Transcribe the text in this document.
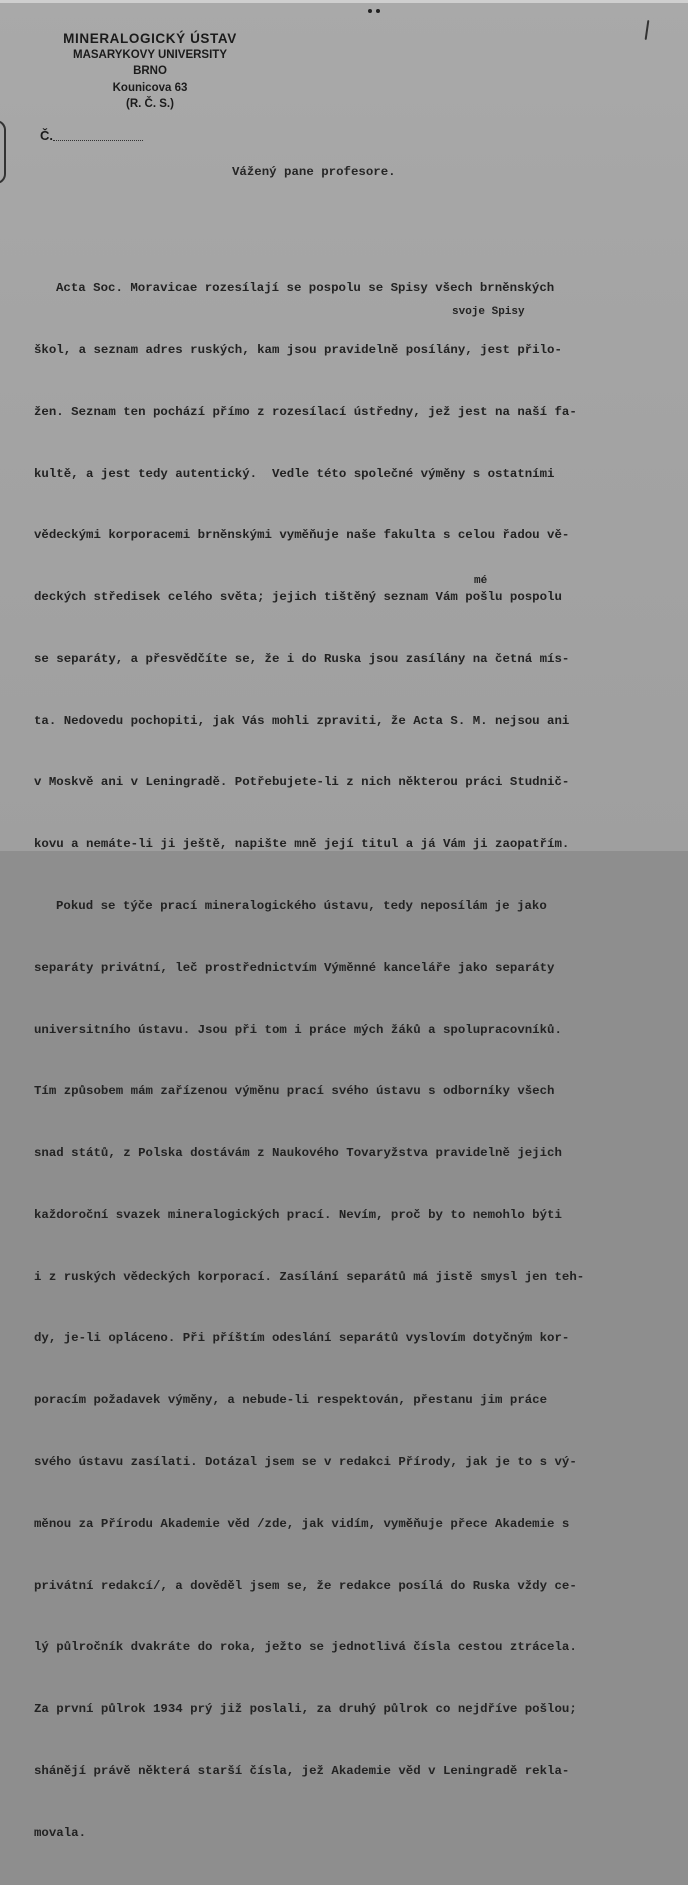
MINERALOGICKÝ ÚSTAV
MASARYKOVY UNIVERSITY
BRNO
Kounicova 63
(R. Č. S.)
Č.
Vážený pane profesore.
svoje Spisy
mé

Acta Soc. Moravicae rozesílají se pospolu se Spisy všech brněnských

škol, a seznam adres ruských, kam jsou pravidelně posílány, jest přilo-

žen. Seznam ten pochází přímo z rozesílací ústředny, jež jest na naší fa-

kultě, a jest tedy autentický.  Vedle této společné výměny s ostatními

vědeckými korporacemi brněnskými vyměňuje naše fakulta s celou řadou vě-

deckých středisek celého světa; jejich tištěný seznam Vám pošlu pospolu

se separáty, a přesvědčíte se, že i do Ruska jsou zasílány na četná mís-

ta. Nedovedu pochopiti, jak Vás mohli zpraviti, že Acta S. M. nejsou ani

v Moskvě ani v Leningradě. Potřebujete-li z nich některou práci Studnič-

kovu a nemáte-li ji ještě, napište mně její titul a já Vám ji zaopatřím.

Pokud se týče prací mineralogického ústavu, tedy neposílám je jako

separáty privátní, leč prostřednictvím Výměnné kanceláře jako separáty

universitního ústavu. Jsou při tom i práce mých žáků a spolupracovníků.

Tím způsobem mám zařízenou výměnu prací svého ústavu s odborníky všech

snad států, z Polska dostávám z Naukového Tovaryžstva pravidelně jejich

každoroční svazek mineralogických prací. Nevím, proč by to nemohlo býti

i z ruských vědeckých korporací. Zasílání separátů má jistě smysl jen teh-

dy, je-li opláceno. Při příštím odeslání separátů vyslovím dotyčným kor-

poracím požadavek výměny, a nebude-li respektován, přestanu jim práce

svého ústavu zasílati. Dotázal jsem se v redakci Přírody, jak je to s vý-

měnou za Přírodu Akademie věd /zde, jak vidím, vyměňuje přece Akademie s

privátní redakcí/, a dověděl jsem se, že redakce posílá do Ruska vždy ce-

lý půlročník dvakráte do roka, ježto se jednotlivá čísla cestou ztrácela.

Za první půlrok 1934 prý již poslali, za druhý půlrok co nejdříve pošlou;

shánějí právě některá starší čísla, jež Akademie věd v Leningradě rekla-

movala.
